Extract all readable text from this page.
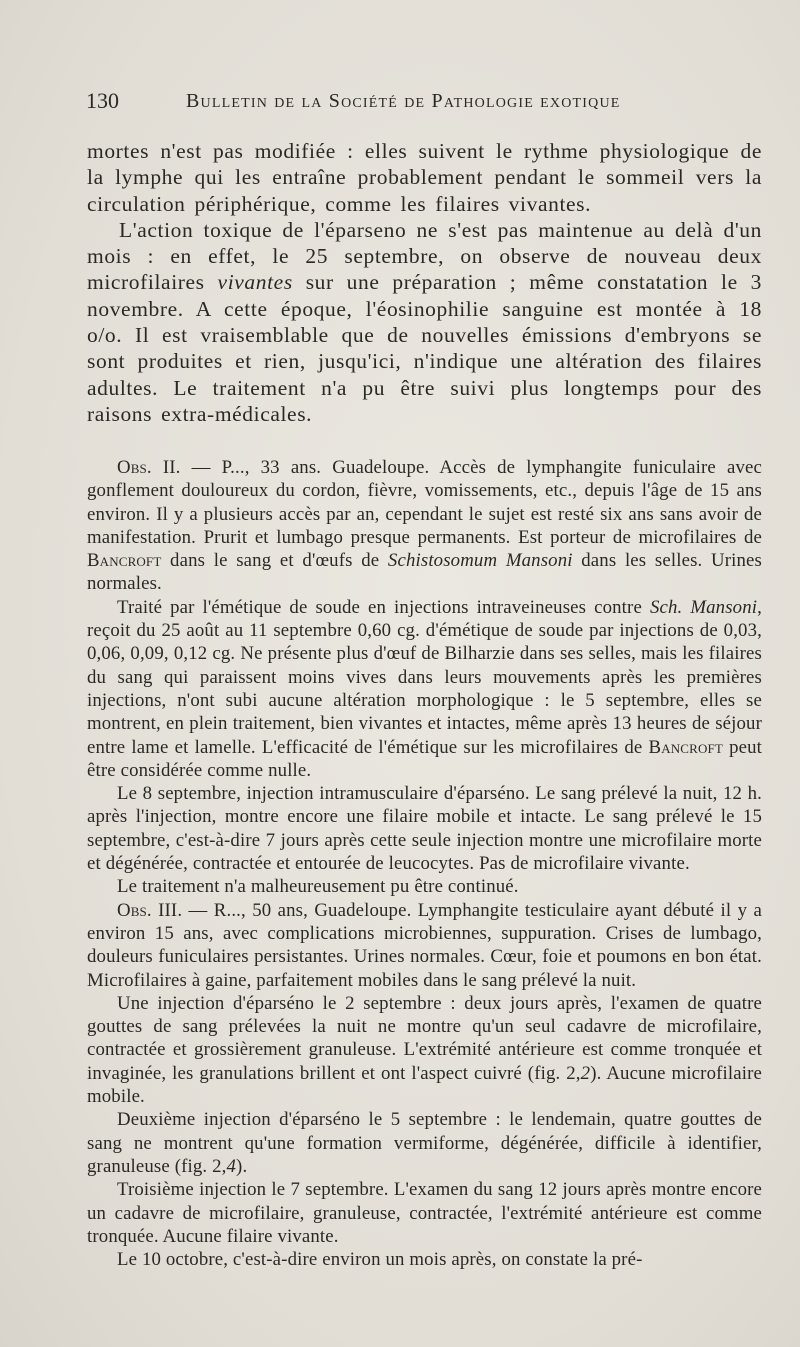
130	Bulletin de la Société de Pathologie exotique

mortes n'est pas modifiée : elles suivent le rythme physiologique de la lymphe qui les entraîne probablement pendant le sommeil vers la circulation périphérique, comme les filaires vivantes.

L'action toxique de l'éparseno ne s'est pas maintenue au delà d'un mois : en effet, le 25 septembre, on observe de nouveau deux microfilaires vivantes sur une préparation ; même constatation le 3 novembre. A cette époque, l'éosinophilie sanguine est montée à 18 o/o. Il est vraisemblable que de nouvelles émissions d'embryons se sont produites et rien, jusqu'ici, n'indique une altération des filaires adultes. Le traitement n'a pu être suivi plus longtemps pour des raisons extra-médicales.

Obs. II. — P..., 33 ans. Guadeloupe. Accès de lymphangite funiculaire avec gonflement douloureux du cordon, fièvre, vomissements, etc., depuis l'âge de 15 ans environ. Il y a plusieurs accès par an, cependant le sujet est resté six ans sans avoir de manifestation. Prurit et lumbago presque permanents. Est porteur de microfilaires de Bancroft dans le sang et d'œufs de Schistosomum Mansoni dans les selles. Urines normales.

Traité par l'émétique de soude en injections intraveineuses contre Sch. Mansoni, reçoit du 25 août au 11 septembre 0,60 cg. d'émétique de soude par injections de 0,03, 0,06, 0,09, 0,12 cg. Ne présente plus d'œuf de Bilharzie dans ses selles, mais les filaires du sang qui paraissent moins vives dans leurs mouvements après les premières injections, n'ont subi aucune altération morphologique : le 5 septembre, elles se montrent, en plein traitement, bien vivantes et intactes, même après 13 heures de séjour entre lame et lamelle. L'efficacité de l'émétique sur les microfilaires de Bancroft peut être considérée comme nulle.

Le 8 septembre, injection intramusculaire d'éparséno. Le sang prélevé la nuit, 12 h. après l'injection, montre encore une filaire mobile et intacte. Le sang prélevé le 15 septembre, c'est-à-dire 7 jours après cette seule injection montre une microfilaire morte et dégénérée, contractée et entourée de leucocytes. Pas de microfilaire vivante.

Le traitement n'a malheureusement pu être continué.

Obs. III. — R..., 50 ans, Guadeloupe. Lymphangite testiculaire ayant débuté il y a environ 15 ans, avec complications microbiennes, suppuration. Crises de lumbago, douleurs funiculaires persistantes. Urines normales. Cœur, foie et poumons en bon état. Microfilaires à gaine, parfaitement mobiles dans le sang prélevé la nuit.

Une injection d'éparséno le 2 septembre : deux jours après, l'examen de quatre gouttes de sang prélevées la nuit ne montre qu'un seul cadavre de microfilaire, contractée et grossièrement granuleuse. L'extrémité antérieure est comme tronquée et invaginée, les granulations brillent et ont l'aspect cuivré (fig. 2,2). Aucune microfilaire mobile.

Deuxième injection d'éparséno le 5 septembre : le lendemain, quatre gouttes de sang ne montrent qu'une formation vermiforme, dégénérée, difficile à identifier, granuleuse (fig. 2,4).

Troisième injection le 7 septembre. L'examen du sang 12 jours après montre encore un cadavre de microfilaire, granuleuse, contractée, l'extrémité antérieure est comme tronquée. Aucune filaire vivante.

Le 10 octobre, c'est-à-dire environ un mois après, on constate la pré-
